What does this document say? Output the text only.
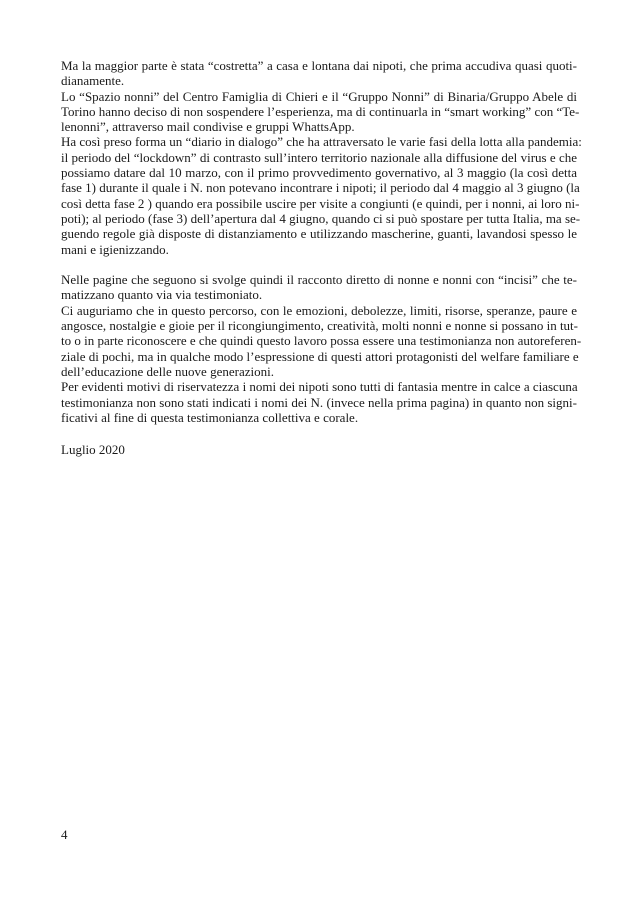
Ma la maggior parte è stata “costretta” a casa e lontana dai nipoti, che prima accudiva quasi quoti-
dianamente.
Lo “Spazio nonni” del Centro Famiglia di Chieri e il “Gruppo Nonni” di Binaria/Gruppo Abele di
Torino hanno deciso di non sospendere l’esperienza, ma di continuarla in “smart working” con “Te-
lenonni”, attraverso mail condivise e gruppi WhattsApp.
Ha così preso forma un “diario in dialogo” che ha attraversato le varie fasi della lotta alla pandemia:
il periodo del “lockdown” di contrasto sull’intero territorio nazionale alla diffusione del virus e che
possiamo datare dal 10 marzo, con il primo provvedimento governativo, al 3 maggio (la così detta
fase 1) durante il quale i N. non potevano incontrare i nipoti; il periodo dal 4 maggio al 3 giugno (la
così detta fase 2 ) quando era possibile uscire per visite a congiunti (e quindi, per i nonni, ai loro ni-
poti); al periodo (fase 3) dell’apertura dal 4 giugno, quando ci si può spostare per tutta Italia, ma se-
guendo regole già disposte di distanziamento e utilizzando mascherine, guanti, lavandosi spesso le
mani e igienizzando.
Nelle pagine che seguono si svolge quindi il racconto diretto di nonne e nonni con “incisi” che te-
matizzano quanto via via testimoniato.
Ci auguriamo che in questo percorso, con le emozioni, debolezze, limiti, risorse, speranze, paure e
angosce, nostalgie e gioie per il ricongiungimento, creatività, molti nonni e nonne si possano in tut-
to o in parte riconoscere e che quindi questo lavoro possa essere una testimonianza non autoreferen-
ziale di pochi, ma in qualche modo l’espressione di questi attori protagonisti del welfare familiare e
dell’educazione delle nuove generazioni.
Per evidenti motivi di riservatezza i nomi dei nipoti sono tutti di fantasia mentre in calce a ciascuna
testimonianza non sono stati indicati i nomi dei N. (invece nella prima pagina) in quanto non signi-
ficativi al fine di questa testimonianza collettiva e corale.
Luglio 2020
4
